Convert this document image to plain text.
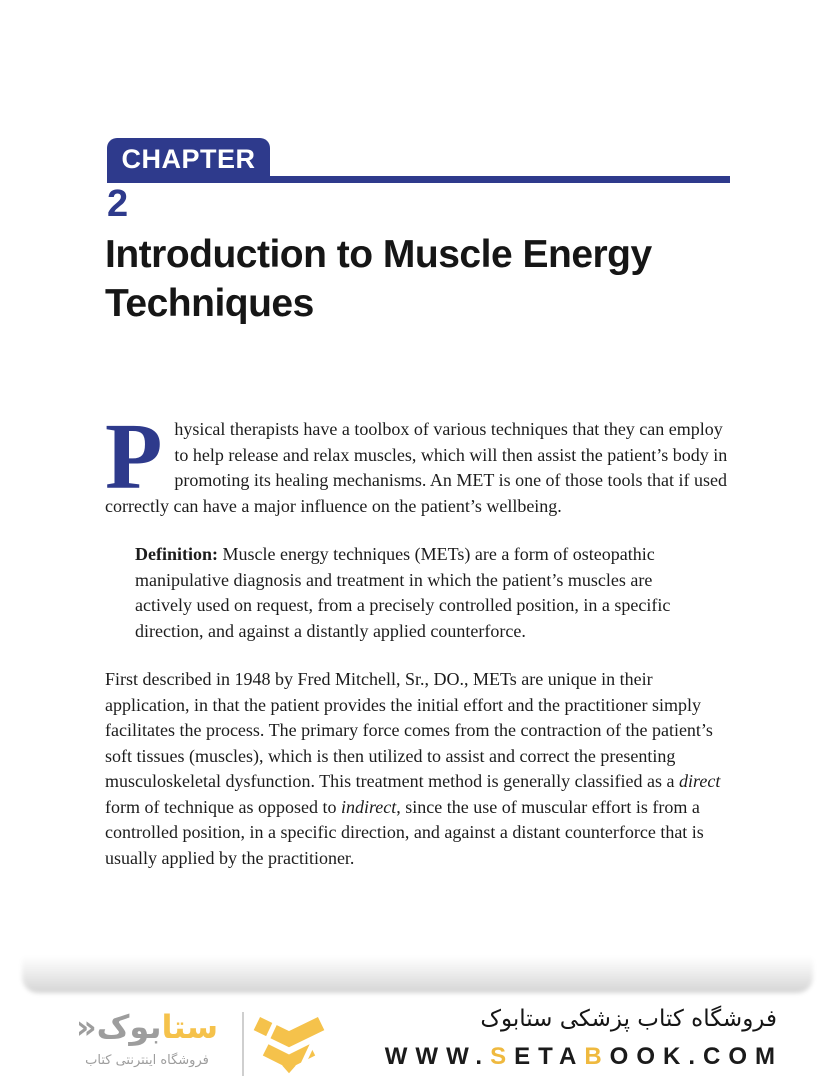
CHAPTER
2
Introduction to Muscle Energy Techniques

Physical therapists have a toolbox of various techniques that they can employ to help release and relax muscles, which will then assist the patient’s body in promoting its healing mechanisms. An MET is one of those tools that if used correctly can have a major influence on the patient’s wellbeing.

Definition: Muscle energy techniques (METs) are a form of osteopathic manipulative diagnosis and treatment in which the patient’s muscles are actively used on request, from a precisely controlled position, in a specific direction, and against a distantly applied counterforce.

First described in 1948 by Fred Mitchell, Sr., DO., METs are unique in their application, in that the patient provides the initial effort and the practitioner simply facilitates the process. The primary force comes from the contraction of the patient’s soft tissues (muscles), which is then utilized to assist and correct the presenting musculoskeletal dysfunction. This treatment method is generally classified as a direct form of technique as opposed to indirect, since the use of muscular effort is from a controlled position, in a specific direction, and against a distant counterforce that is usually applied by the practitioner.

ستابوک«
فروشگاه اینترنتی کتاب
فروشگاه کتاب پزشکی ستابوک
WWW.SETABOOK.COM
